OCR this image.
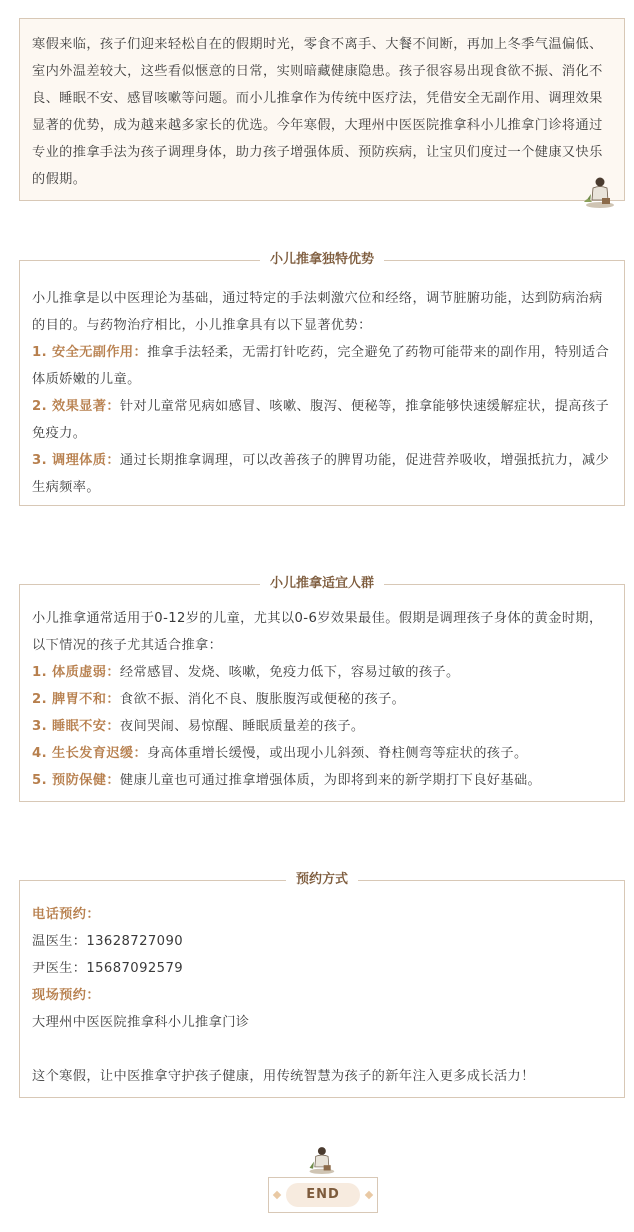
寒假来临，孩子们迎来轻松自在的假期时光，零食不离手、大餐不间断，再加上冬季气温偏低、室内外温差较大，这些看似惬意的日常，实则暗藏健康隐患。孩子很容易出现食欲不振、消化不良、睡眠不安、感冒咳嗽等问题。而小儿推拿作为传统中医疗法，凭借安全无副作用、调理效果显著的优势，成为越来越多家长的优选。今年寒假，大理州中医医院推拿科小儿推拿门诊将通过专业的推拿手法为孩子调理身体，助力孩子增强体质、预防疾病，让宝贝们度过一个健康又快乐的假期。

小儿推拿独特优势

小儿推拿是以中医理论为基础，通过特定的手法刺激穴位和经络，调节脏腑功能，达到防病治病的目的。与药物治疗相比，小儿推拿具有以下显著优势：

1. 安全无副作用：推拿手法轻柔，无需打针吃药，完全避免了药物可能带来的副作用，特别适合体质娇嫩的儿童。

2. 效果显著：针对儿童常见病如感冒、咳嗽、腹泻、便秘等，推拿能够快速缓解症状，提高孩子免疫力。

3. 调理体质：通过长期推拿调理，可以改善孩子的脾胃功能，促进营养吸收，增强抵抗力，减少生病频率。

小儿推拿适宜人群

小儿推拿通常适用于0-12岁的儿童，尤其以0-6岁效果最佳。假期是调理孩子身体的黄金时期，以下情况的孩子尤其适合推拿：

1. 体质虚弱：经常感冒、发烧、咳嗽，免疫力低下，容易过敏的孩子。

2. 脾胃不和：食欲不振、消化不良、腹胀腹泻或便秘的孩子。

3. 睡眠不安：夜间哭闹、易惊醒、睡眠质量差的孩子。

4. 生长发育迟缓：身高体重增长缓慢，或出现小儿斜颈、脊柱侧弯等症状的孩子。

5. 预防保健：健康儿童也可通过推拿增强体质，为即将到来的新学期打下良好基础。

预约方式

电话预约：

温医生：13628727090

尹医生：15687092579

现场预约：

大理州中医医院推拿科小儿推拿门诊

这个寒假，让中医推拿守护孩子健康，用传统智慧为孩子的新年注入更多成长活力！

END
